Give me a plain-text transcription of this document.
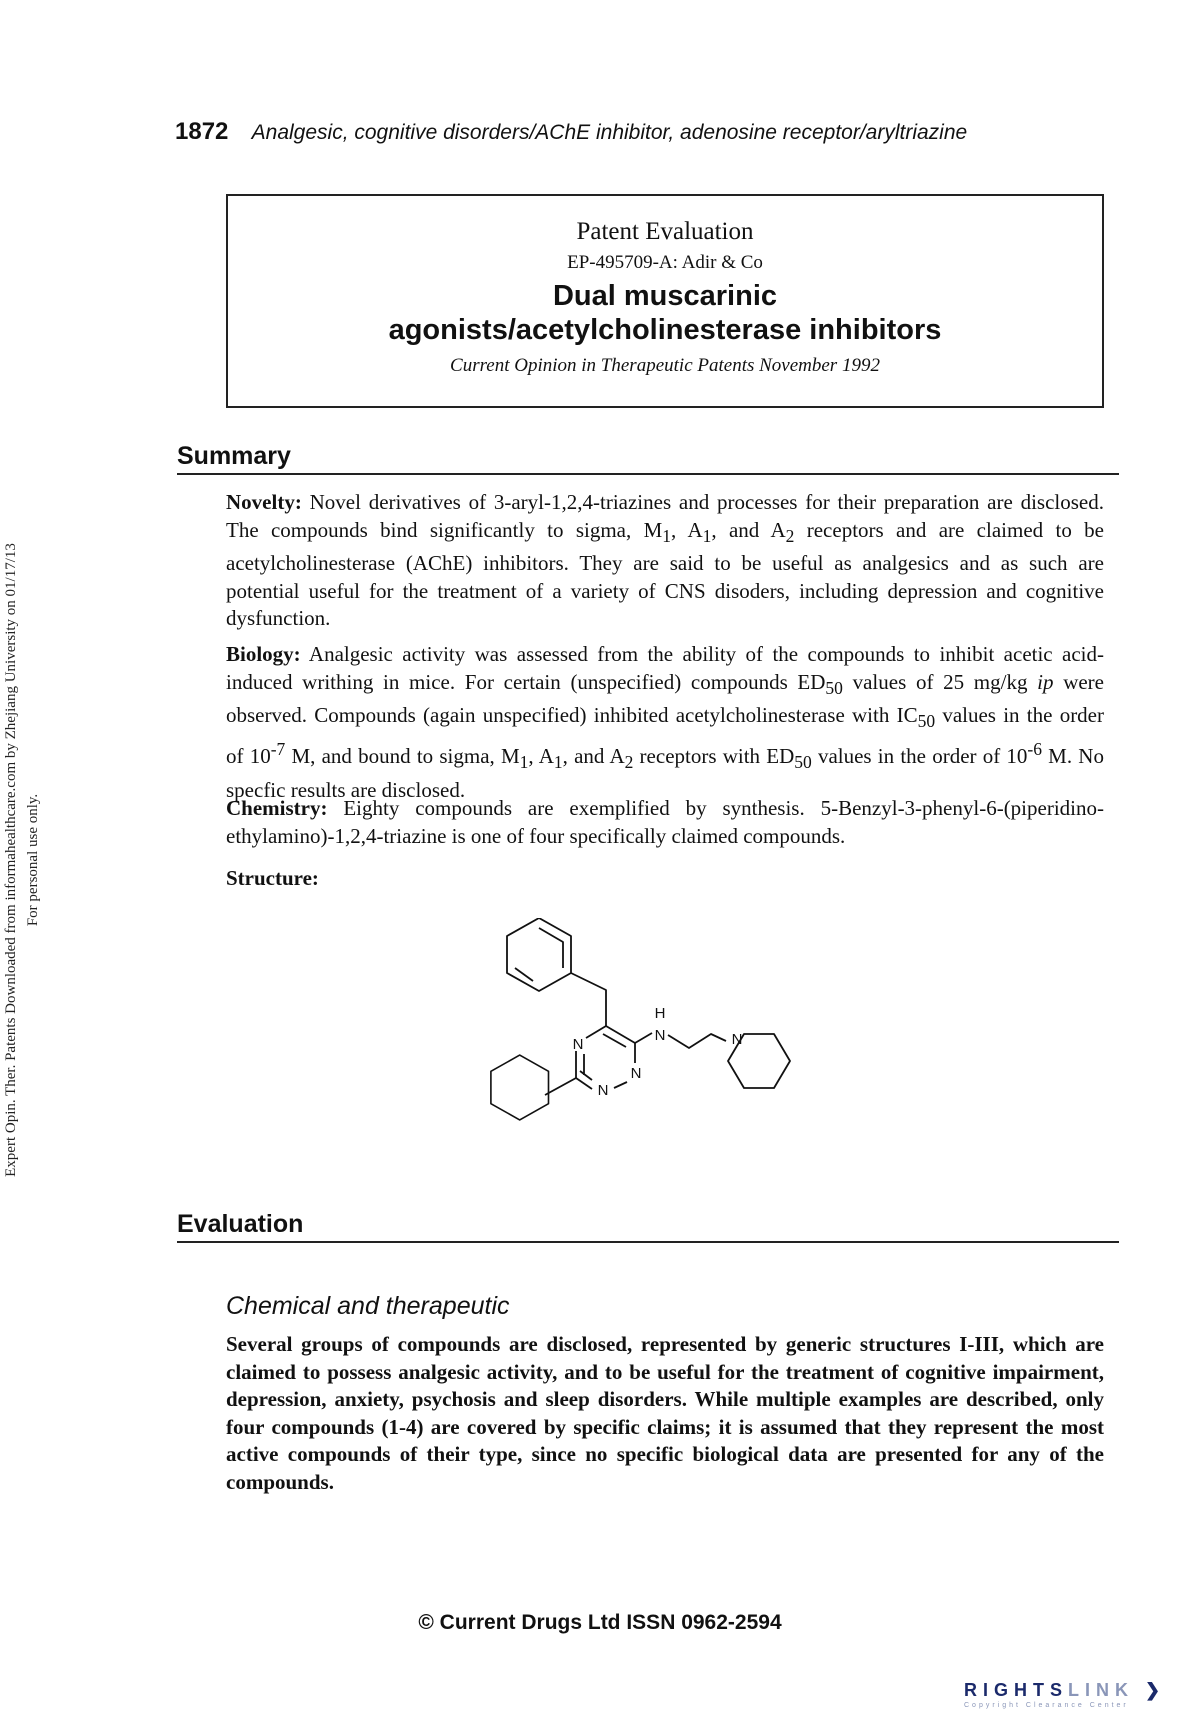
1872 Analgesic, cognitive disorders/AChE inhibitor, adenosine receptor/aryltriazine
Patent Evaluation
EP-495709-A: Adir & Co
Dual muscarinic
agonists/acetylcholinesterase inhibitors
Current Opinion in Therapeutic Patents November 1992
Summary
Novelty: Novel derivatives of 3-aryl-1,2,4-triazines and processes for their preparation are disclosed. The compounds bind significantly to sigma, $M_1$, $A_1$, and $A_2$ receptors and are claimed to be acetylcholinesterase (AChE) inhibitors. They are said to be useful as analgesics and as such are potential useful for the treatment of a variety of CNS disoders, including depression and cognitive dysfunction.
Biology: Analgesic activity was assessed from the ability of the compounds to inhibit acetic acid-induced writhing in mice. For certain (unspecified) compounds $ED_{50}$ values of 25 mg/kg ip were observed. Compounds (again unspecified) inhibited acetylcholinesterase with $IC_{50}$ values in the order of $10^{-7}$ M, and bound to sigma, $M_1$, $A_1$, and $A_2$ receptors with $ED_{50}$ values in the order of $10^{-6}$ M. No specfic results are disclosed.
Chemistry: Eighty compounds are exemplified by synthesis. 5-Benzyl-3-phenyl-6-(piperidino-ethylamino)-1,2,4-triazine is one of four specifically claimed compounds.
Structure:
H
N	N
N
N
N
Evaluation
Chemical and therapeutic
Several groups of compounds are disclosed, represented by generic structures I-III, which are claimed to possess analgesic activity, and to be useful for the treatment of cognitive impairment, depression, anxiety, psychosis and sleep disorders. While multiple examples are described, only four compounds (1-4) are covered by specific claims; it is assumed that they represent the most active compounds of their type, since no specific biological data are presented for any of the compounds.
© Current Drugs Ltd ISSN 0962-2594
Expert Opin. Ther. Patents Downloaded from informahealthcare.com by Zhejiang University on 01/17/13 For personal use only.
RIGHTSLINK ❯
Copyright Clearance Center
